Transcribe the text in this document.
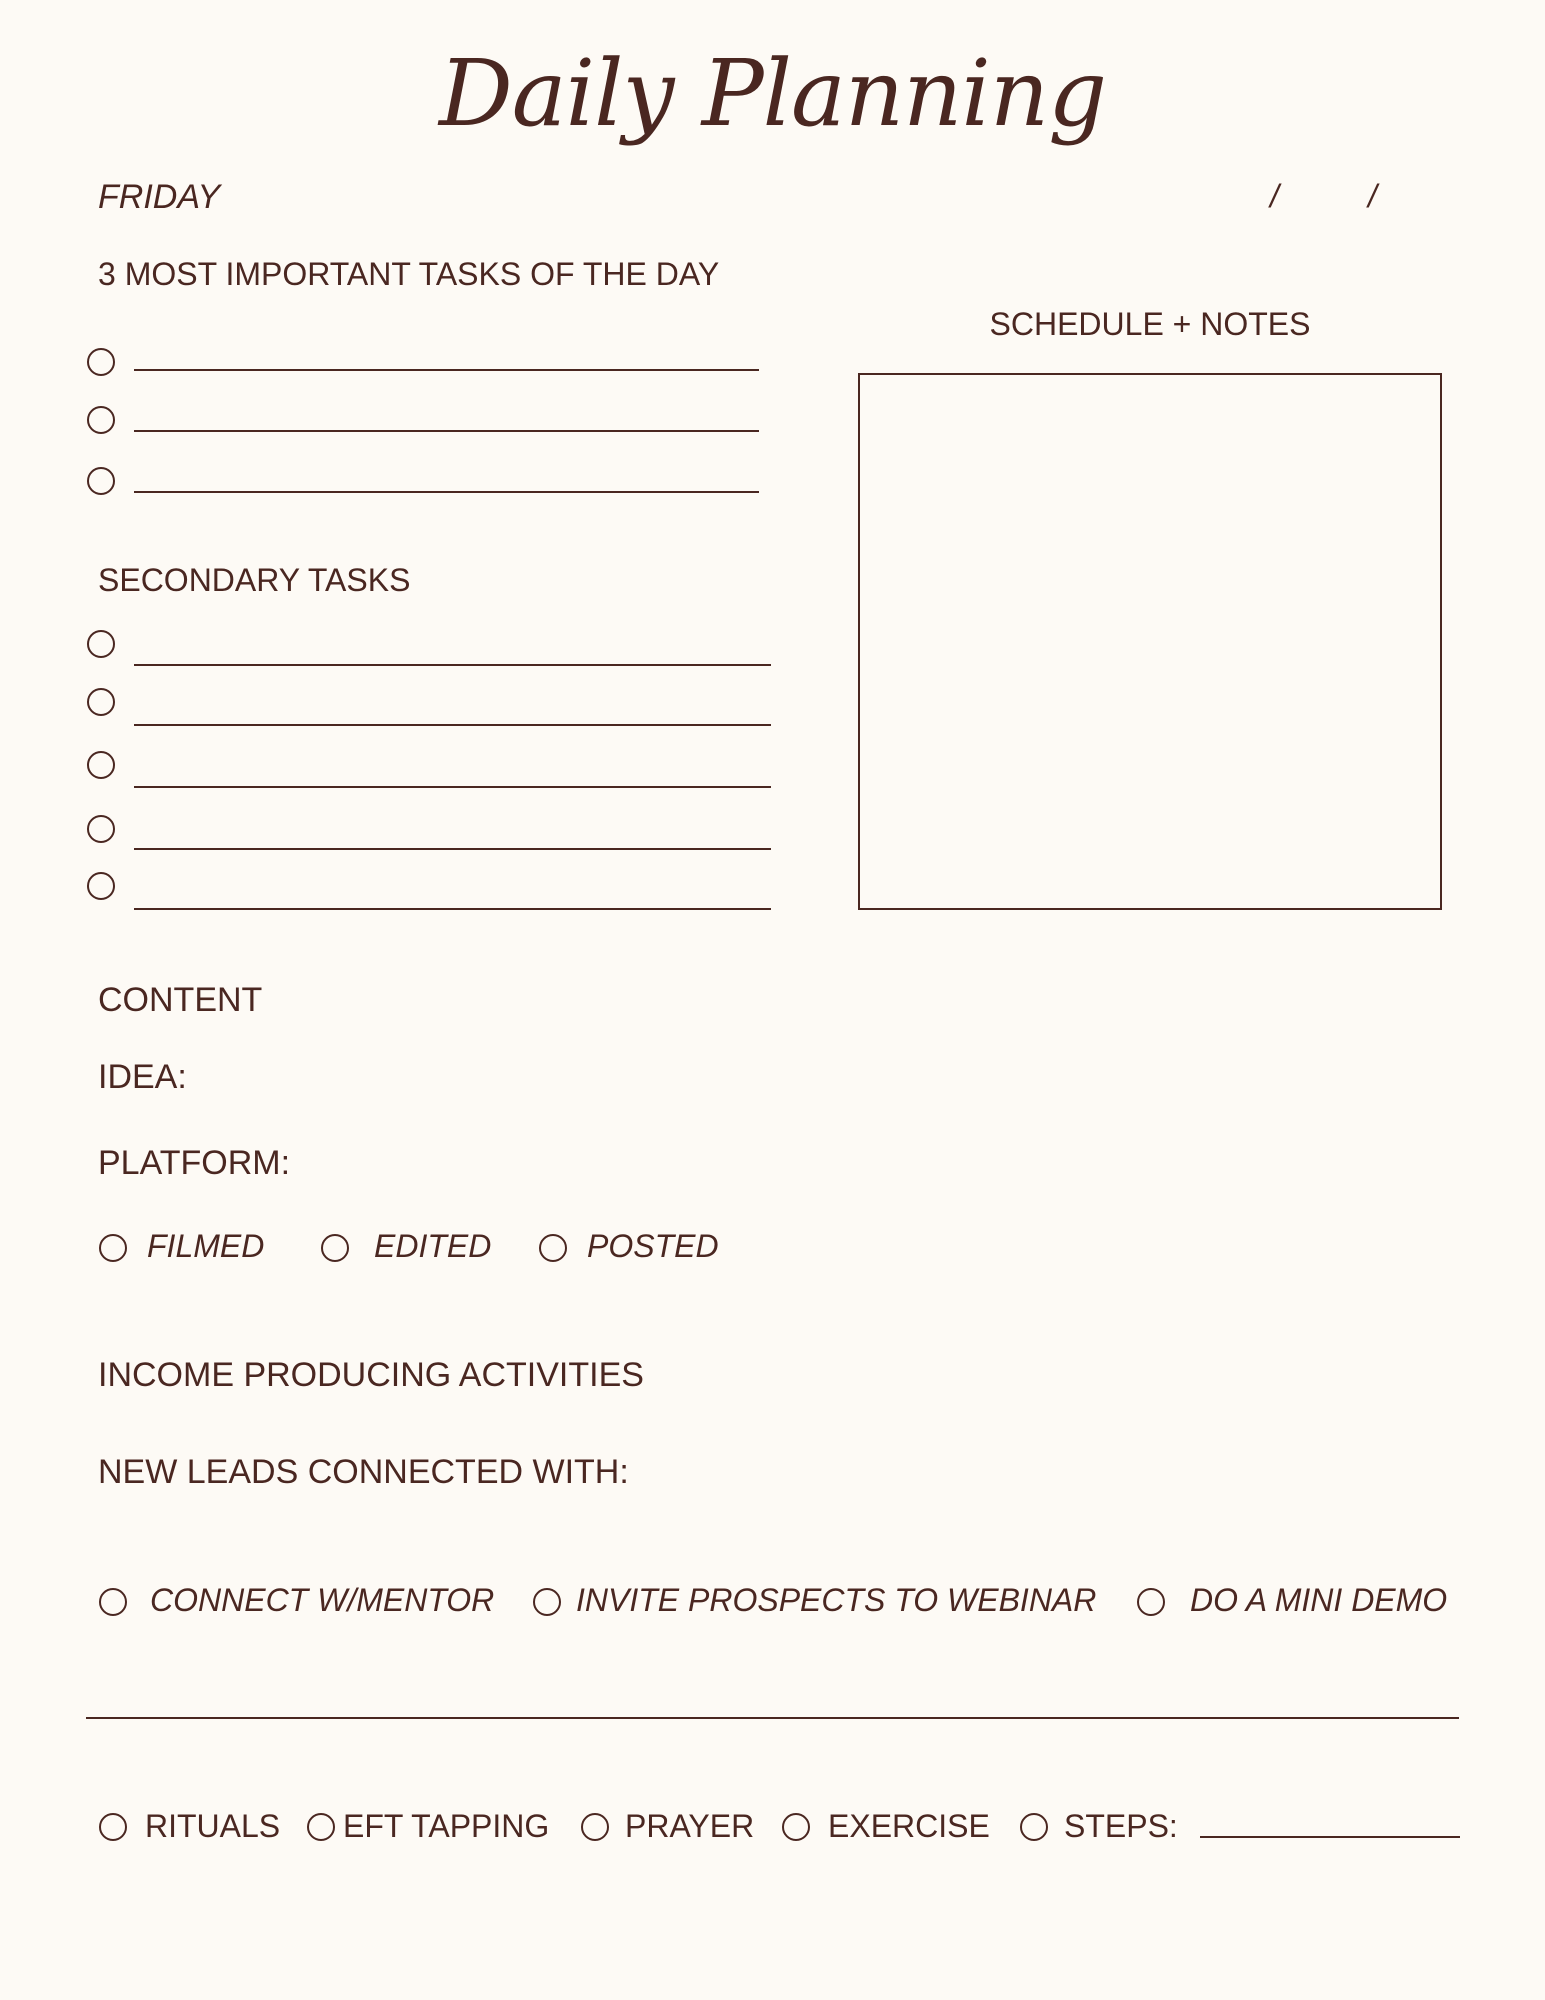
Daily Planning
FRIDAY	/	/
3 MOST IMPORTANT TASKS OF THE DAY
SCHEDULE + NOTES
SECONDARY TASKS
CONTENT
IDEA:
PLATFORM:
FILMED	EDITED	POSTED
INCOME PRODUCING ACTIVITIES
NEW LEADS CONNECTED WITH:
CONNECT W/MENTOR	INVITE PROSPECTS TO WEBINAR	DO A MINI DEMO
RITUALS EFT TAPPING PRAYER EXERCISE STEPS:
